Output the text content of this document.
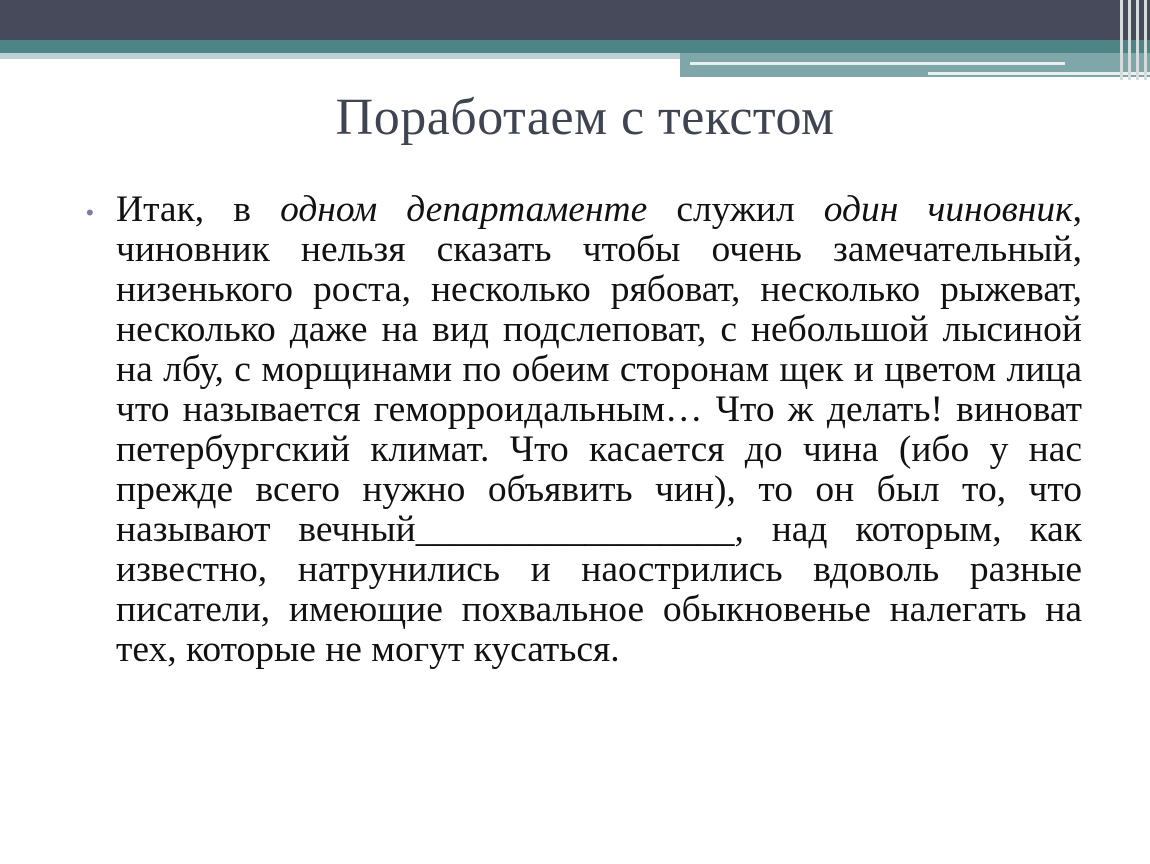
Поработаем с текстом
• Итак, в одном департаменте служил один чиновник, чиновник нельзя сказать чтобы очень замечательный, низенького роста, несколько рябоват, несколько рыжеват, несколько даже на вид подслеповат, с небольшой лысиной на лбу, с морщинами по обеим сторонам щек и цветом лица что называется геморроидальным… Что ж делать! виноват петербургский климат. Что касается до чина (ибо у нас прежде всего нужно объявить чин), то он был то, что называют вечный_________________, над которым, как известно, натрунились и наострились вдоволь разные писатели, имеющие похвальное обыкновенье налегать на тех, которые не могут кусаться.
